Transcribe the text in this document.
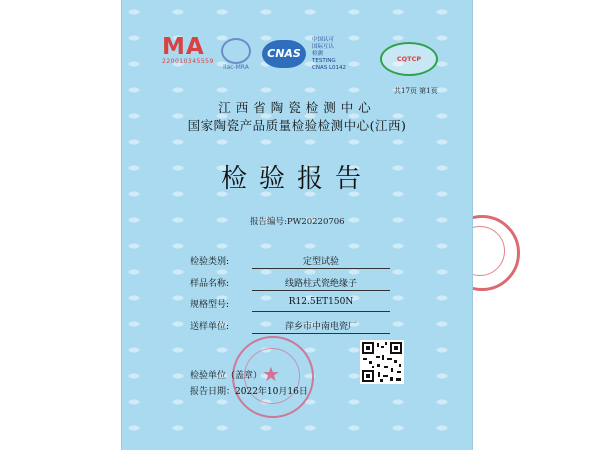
MA
220010345559
ilac-MRA
CNAS
中国认可
国际互认
检测
TESTING
CNAS L0142
CQTCP
共17页 第1页
江西省陶瓷检测中心
国家陶瓷产品质量检验检测中心(江西)
检验报告
报告编号:PW20220706
检验类别:	定型试验
样品名称:	线路柱式瓷绝缘子
规格型号:	R12.5ET150N
送样单位:	萍乡市中南电瓷厂
★
检验单位（盖章）
报告日期：2022年10月16日
